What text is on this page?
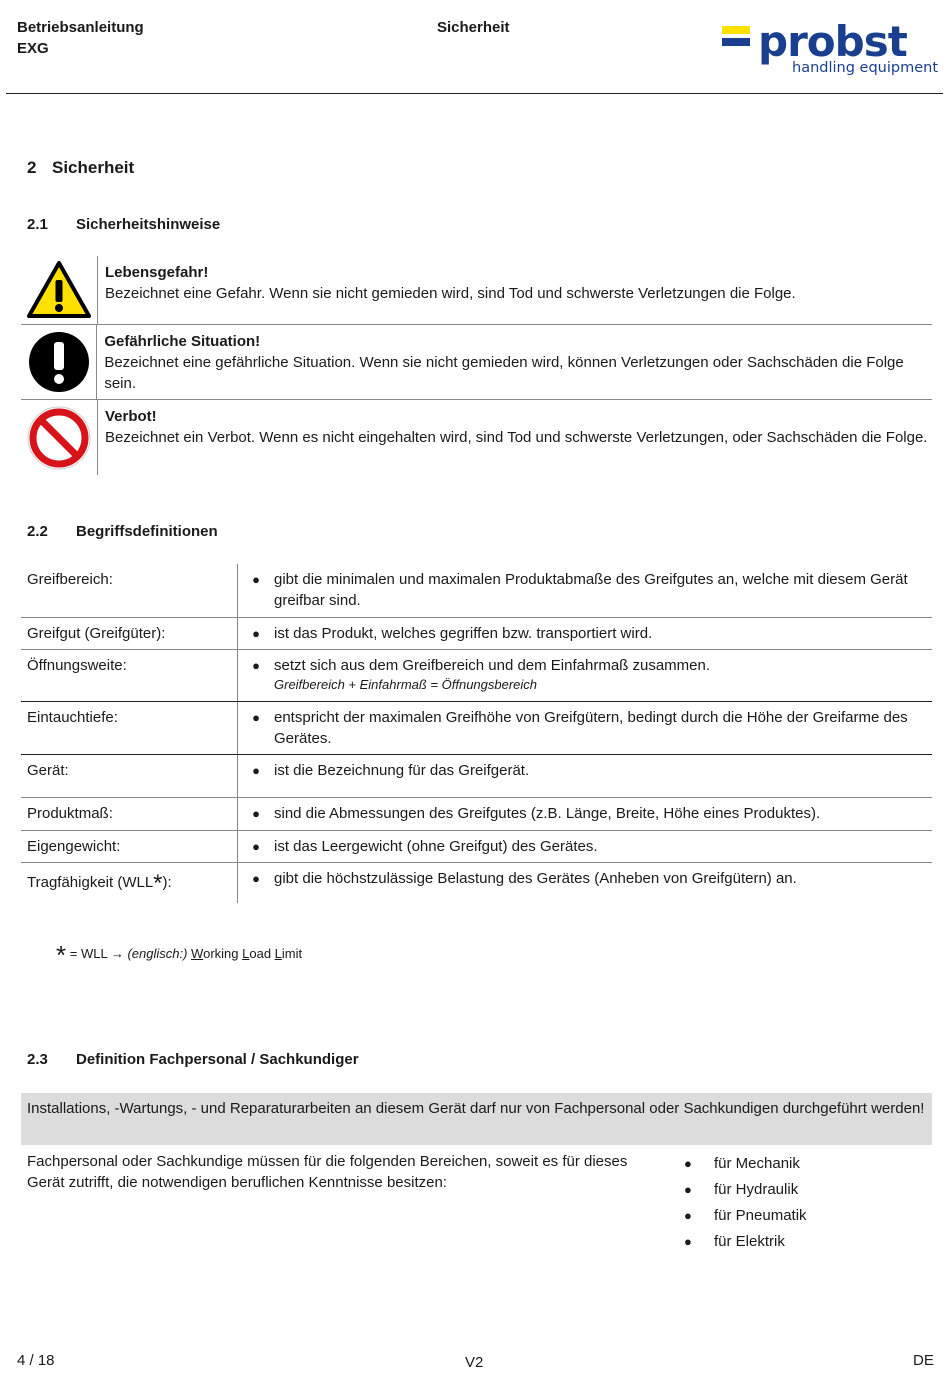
Betriebsanleitung
EXG
Sicherheit	probst
handling equipment
2 Sicherheit
2.1 Sicherheitshinweise
Lebensgefahr!
Bezeichnet eine Gefahr. Wenn sie nicht gemieden wird, sind Tod und schwerste Verletzungen die Folge.
Gefährliche Situation!
Bezeichnet eine gefährliche Situation. Wenn sie nicht gemieden wird, können Verletzungen oder Sachschäden die Folge sein.
Verbot!
Bezeichnet ein Verbot. Wenn es nicht eingehalten wird, sind Tod und schwerste Verletzungen, oder Sachschäden die Folge.
2.2 Begriffsdefinitionen
Greifbereich:	● gibt die minimalen und maximalen Produktabmaße des Greifgutes an, welche mit diesem Gerät greifbar sind.
Greifgut (Greifgüter):	● ist das Produkt, welches gegriffen bzw. transportiert wird.
Öffnungsweite:	● setzt sich aus dem Greifbereich und dem Einfahrmaß zusammen.
Greifbereich + Einfahrmaß = Öffnungsbereich
Eintauchtiefe:	● entspricht der maximalen Greifhöhe von Greifgütern, bedingt durch die Höhe der Greifarme des Gerätes.
Gerät:	● ist die Bezeichnung für das Greifgerät.
Produktmaß:	● sind die Abmessungen des Greifgutes (z.B. Länge, Breite, Höhe eines Produktes).
Eigengewicht:	● ist das Leergewicht (ohne Greifgut) des Gerätes.
Tragfähigkeit (WLL*):	● gibt die höchstzulässige Belastung des Gerätes (Anheben von Greifgütern) an.
* = WLL → (englisch:) Working Load Limit
2.3 Definition Fachpersonal / Sachkundiger
Installations, -Wartungs, - und Reparaturarbeiten an diesem Gerät darf nur von Fachpersonal oder Sachkundigen durchgeführt werden!
Fachpersonal oder Sachkundige müssen für die folgenden Bereichen, soweit es für dieses Gerät zutrifft, die notwendigen beruflichen Kenntnisse besitzen:
●	für Mechanik
●	für Hydraulik
●	für Pneumatik
●	für Elektrik
4 / 18	V2	DE
